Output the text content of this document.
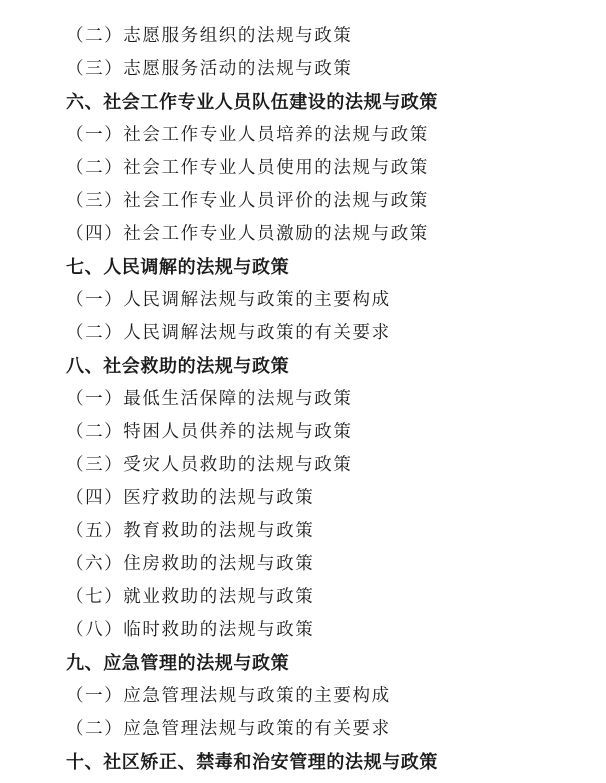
（二）志愿服务组织的法规与政策
（三）志愿服务活动的法规与政策
六、社会工作专业人员队伍建设的法规与政策
（一）社会工作专业人员培养的法规与政策
（二）社会工作专业人员使用的法规与政策
（三）社会工作专业人员评价的法规与政策
（四）社会工作专业人员激励的法规与政策
七、人民调解的法规与政策
（一）人民调解法规与政策的主要构成
（二）人民调解法规与政策的有关要求
八、社会救助的法规与政策
（一）最低生活保障的法规与政策
（二）特困人员供养的法规与政策
（三）受灾人员救助的法规与政策
（四）医疗救助的法规与政策
（五）教育救助的法规与政策
（六）住房救助的法规与政策
（七）就业救助的法规与政策
（八）临时救助的法规与政策
九、应急管理的法规与政策
（一）应急管理法规与政策的主要构成
（二）应急管理法规与政策的有关要求
十、社区矫正、禁毒和治安管理的法规与政策
